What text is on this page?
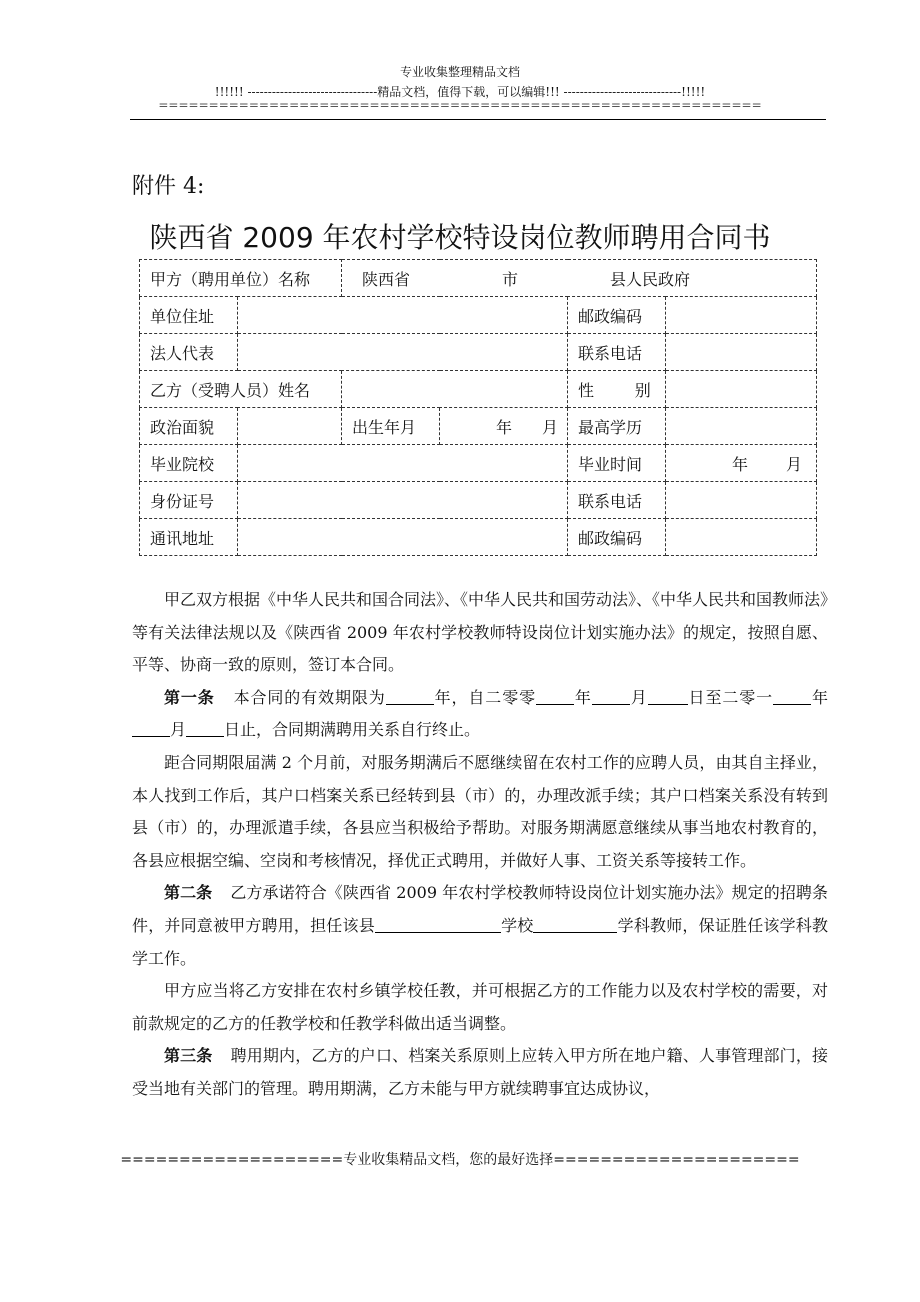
专业收集整理精品文档
!!!!!! --------------------------------精品文档，值得下载，可以编辑!!! -----------------------------!!!!!
============================================================
附件 4:
陕西省 2009 年农村学校特设岗位教师聘用合同书
甲方（聘用单位）名称		陕西省 市 县人民政府			
单位住址				邮政编码	
法人代表				联系电话	
乙方（受聘人员）姓名				性        别	
政治面貌		出生年月	年 月	最高学历	
毕业院校				毕业时间	年 月
身份证号				联系电话	
通讯地址				邮政编码	

甲乙双方根据《中华人民共和国合同法》、《中华人民共和国劳动法》、《中华人民共和国教师法》等有关法律法规以及《陕西省 2009 年农村学校教师特设岗位计划实施办法》的规定，按照自愿、平等、协商一致的原则，签订本合同。

第一条 本合同的有效期限为	年，自二零零 年 月	日至二零一 年月 日止，合同期满聘用关系自行终止。

距合同期限届满 2 个月前，对服务期满后不愿继续留在农村工作的应聘人员，由其自主择业，本人找到工作后，其户口档案关系已经转到县（市）的，办理改派手续；其户口档案关系没有转到县（市）的，办理派遣手续，各县应当积极给予帮助。对服务期满愿意继续从事当地农村教育的，各县应根据空编、空岗和考核情况，择优正式聘用，并做好人事、工资关系等接转工作。

第二条 乙方承诺符合《陕西省 2009 年农村学校教师特设岗位计划实施办法》规定的招聘条件，并同意被甲方聘用，担任该县	学校	学科教师，保证胜任该学科教学工作。

甲方应当将乙方安排在农村乡镇学校任教，并可根据乙方的工作能力以及农村学校的需要，对前款规定的乙方的任教学校和任教学科做出适当调整。

第三条 聘用期内，乙方的户口、档案关系原则上应转入甲方所在地户籍、人事管理部门，接受当地有关部门的管理。聘用期满，乙方未能与甲方就续聘事宜达成协议，

===================专业收集精品文档，您的最好选择=====================
